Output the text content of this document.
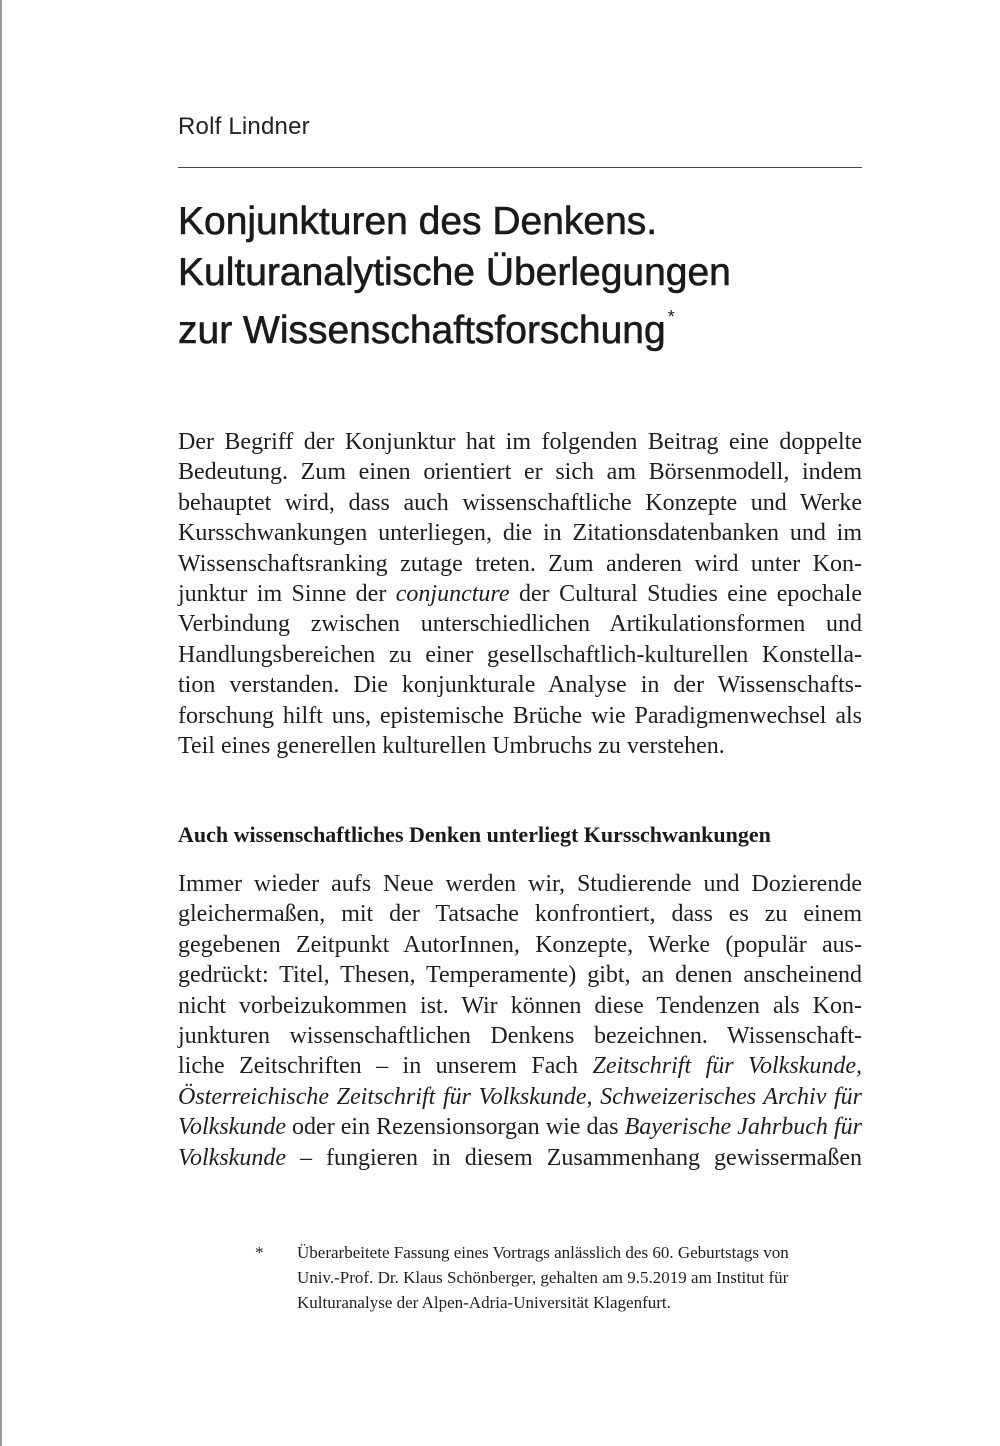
Rolf Lindner
Konjunkturen des Denkens.
Kulturanalytische Überlegungen
zur Wissenschaftsforschung *
Der Begriff der Konjunktur hat im folgenden Beitrag eine doppelte
Bedeutung. Zum einen orientiert er sich am Börsenmodell, indem
behauptet wird, dass auch wissenschaftliche Konzepte und Werke
Kursschwankungen unterliegen, die in Zitationsdatenbanken und im
Wissenschaftsranking zutage treten. Zum anderen wird unter Kon-
junktur im Sinne der conjuncture der Cultural Studies eine epochale
Verbindung zwischen unterschiedlichen Artikulationsformen und
Handlungsbereichen zu einer gesellschaftlich-kulturellen Konstella-
tion verstanden. Die konjunkturale Analyse in der Wissenschafts-
forschung hilft uns, epistemische Brüche wie Paradigmenwechsel als
Teil eines generellen kulturellen Umbruchs zu verstehen.
Auch wissenschaftliches Denken unterliegt Kursschwankungen
Immer wieder aufs Neue werden wir, Studierende und Dozierende
gleichermaßen, mit der Tatsache konfrontiert, dass es zu einem
gegebenen Zeitpunkt AutorInnen, Konzepte, Werke (populär aus-
gedrückt: Titel, Thesen, Temperamente) gibt, an denen anscheinend
nicht vorbeizukommen ist. Wir können diese Tendenzen als Kon-
junkturen wissenschaftlichen Denkens bezeichnen. Wissenschaft-
liche Zeitschriften – in unserem Fach Zeitschrift für Volkskunde,
Österreichische Zeitschrift für Volkskunde, Schweizerisches Archiv für
Volkskunde oder ein Rezensionsorgan wie das Bayerische Jahrbuch für
Volkskunde – fungieren in diesem Zusammenhang gewissermaßen
* Überarbeitete Fassung eines Vortrags anlässlich des 60. Geburtstags von
Univ.-Prof. Dr. Klaus Schönberger, gehalten am 9.5.2019 am Institut für
Kulturanalyse der Alpen-Adria-Universität Klagenfurt.
